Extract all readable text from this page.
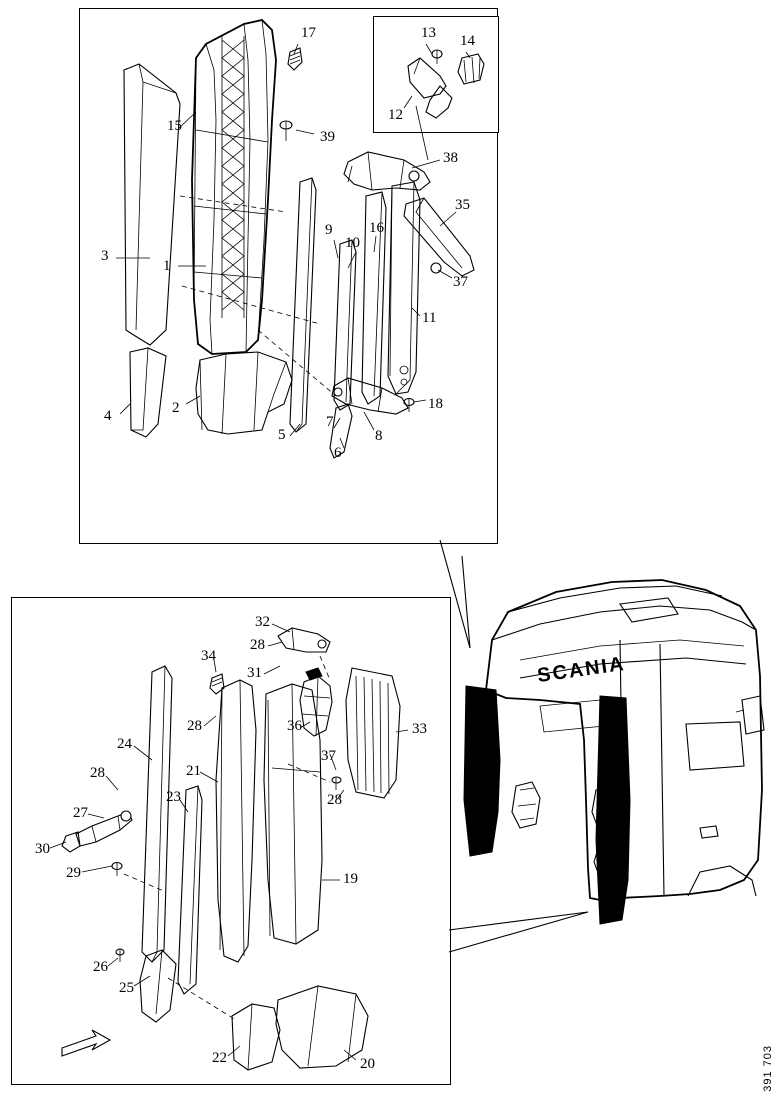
17
15
39
38
35
9 16
10
3
1
37
11
4	2
7
18
8
5
6
13 14
12
32
28
34
31
28	36	33
24
37
21
28
28
27
23
30
29	19
26
25
22	20
SCANIA
391 703
